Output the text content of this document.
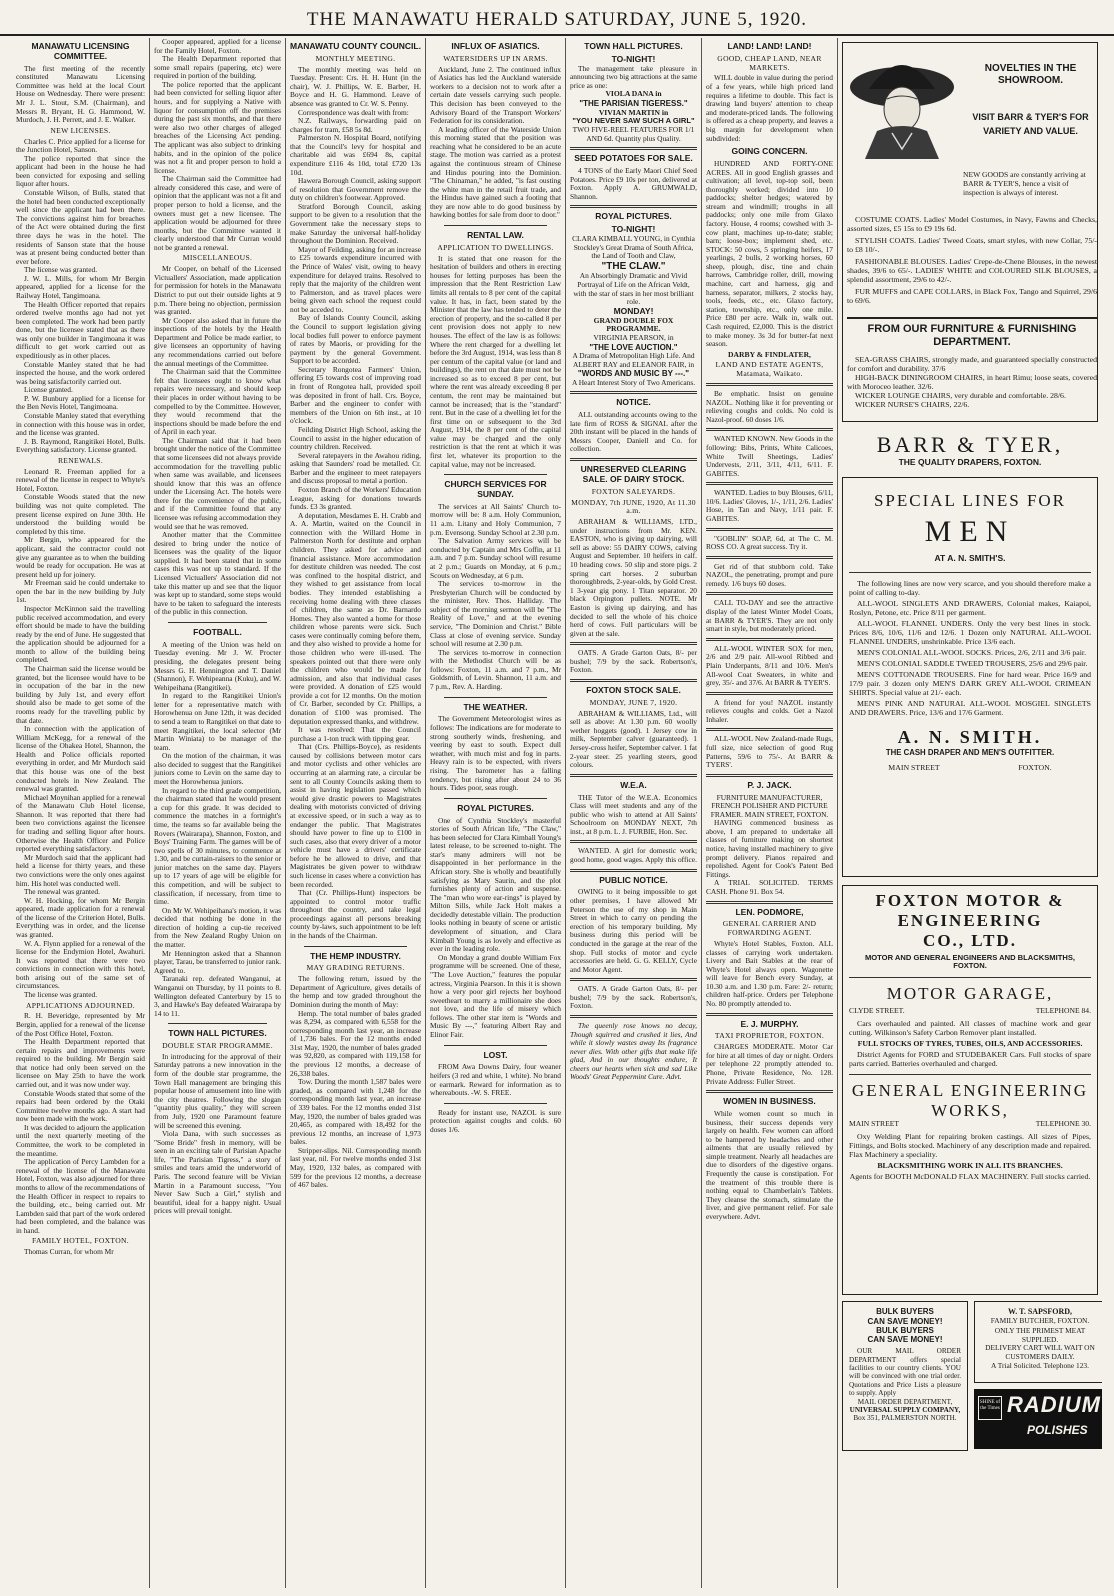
THE MANAWATU HERALD SATURDAY, JUNE 5, 1920.
MANAWATU LICENSING COMMITTEE.

The first meeting of the recently constituted Manawatu Licensing Committee was held at the local Court House on Wednesday. There were present: Mr J. L. Stout, S.M. (Chairman), and Messrs R. Bryant, H. G. Hammond, W. Murdoch, J. H. Perrett, and J. E. Walker.

NEW LICENSES.

Charles C. Price applied for a license for the Junction Hotel, Sanson.

The police reported that since the applicant had been in the house he had been convicted for exposing and selling liquor after hours.

Constable Wilson, of Bulls, stated that the hotel had been conducted exceptionally well since the applicant had been there. The convictions against him for breaches of the Act were obtained during the first three days he was in the hotel. The residents of Sanson state that the house was at present being conducted better than ever before.

The license was granted.

J. W. L. Mills, for whom Mr Bergin appeared, applied for a license for the Railway Hotel, Tangimoana.

The Health Officer reported that repairs ordered twelve months ago had not yet been completed. The work had been partly done, but the licensee stated that as there was only one builder in Tangimoana it was difficult to get work carried out as expeditiously as in other places.

Constable Manley stated that he had inspected the house, and the work ordered was being satisfactorily carried out.

License granted.

P. W. Bunbury applied for a license for the Ben Nevis Hotel, Tangimoana.

Constable Manley stated that everything in connection with this house was in order, and the license was granted.

J. B. Raymond, Rangitikei Hotel, Bulls. Everything satisfactory. License granted.

RENEWALS.

Leonard R. Freeman applied for a renewal of the license in respect to Whyte's Hotel, Foxton.

Constable Woods stated that the new building was not quite completed. The present license expired on June 30th. He understood the building would be completed by this time.

Mr Bergin, who appeared for the applicant, said the contractor could not give any guarantee as to when the building would be ready for occupation. He was at present held up for joinery.

Mr Freeman said he could undertake to open the bar in the new building by July 1st.

Inspector McKinnon said the travelling public received accommodation, and every effort should be made to have the building ready by the end of June. He suggested that the application should be adjourned for a month to allow of the building being completed.

The Chairman said the license would be granted, but the licensee would have to be in occupation of the bar in the new building by July 1st, and every effort should also be made to get some of the rooms ready for the travelling public by that date.

In connection with the application of William McKegg, for a renewal of the license of the Ohakea Hotel, Shannon, the Health and Police officials reported everything in order, and Mr Murdoch said that this house was one of the best conducted hotels in New Zealand. The renewal was granted.

Michael Moynihan applied for a renewal of the Manawatu Club Hotel license, Shannon. It was reported that there had been two convictions against the licensee for trading and selling liquor after hours. Otherwise the Health Officer and Police reported everything satisfactory.

Mr Murdoch said that the applicant had held a license for thirty years, and these two convictions were the only ones against him. His hotel was conducted well.

The renewal was granted.

W. H. Hocking, for whom Mr Bergin appeared, made application for a renewal of the license of the Criterion Hotel, Bulls. Everything was in order, and the license was granted.

W. A. Flynn applied for a renewal of the license for the Endymion Hotel, Awahuri. It was reported that there were two convictions in connection with this hotel, both arising out of the same set of circumstances.

The license was granted.

APPLICATIONS ADJOURNED.

R. H. Beveridge, represented by Mr Bergin, applied for a renewal of the license of the Post Office Hotel, Foxton.

The Health Department reported that certain repairs and improvements were required to the building. Mr Bergin said that notice had only been served on the licensee on May 25th to have the work carried out, and it was now under way.

Constable Woods stated that some of the repairs had been ordered by the Otaki Committee twelve months ago. A start had now been made with the work.

It was decided to adjourn the application until the next quarterly meeting of the Committee, the work to be completed in the meantime.

The application of Percy Lambden for a renewal of the license of the Manawatu Hotel, Foxton, was also adjourned for three months to allow of the recommendations of the Health Officer in respect to repairs to the building, etc., being carried out. Mr Lambden said that part of the work ordered had been completed, and the balance was in hand.

FAMILY HOTEL, FOXTON.

Thomas Curran, for whom Mr

Cooper appeared, applied for a license for the Family Hotel, Foxton.

The Health Department reported that some small repairs (papering, etc) were required in portion of the building.

The police reported that the applicant had been convicted for selling liquor after hours, and for supplying a Native with liquor for consumption off the premises during the past six months, and that there were also two other charges of alleged breaches of the Licensing Act pending. The applicant was also subject to drinking habits, and in the opinion of the police was not a fit and proper person to hold a license.

The Chairman said the Committee had already considered this case, and were of opinion that the applicant was not a fit and proper person to hold a license, and the owners must get a new licensee. The application would be adjourned for three months, but the Committee wanted it clearly understood that Mr Curran would not be granted a renewal.

MISCELLANEOUS.

Mr Cooper, on behalf of the Licensed Victuallers' Association, made application for permission for hotels in the Manawatu District to put out their outside lights at 9 p.m. There being no objection, permission was granted.

Mr Cooper also asked that in future the inspections of the hotels by the Health Department and Police be made earlier, to give licensees an opportunity of having any recommendations carried out before the annual meetings of the Committee.

The Chairman said that the Committee felt that licensees ought to know what repairs were necessary, and should keep their places in order without having to be compelled to by the Committee. However, they would recommend that the inspections should be made before the end of April in each year.

The Chairman said that it had been brought under the notice of the Committee that some licensees did not always provide accommodation for the travelling public when same was available, and licensees should know that this was an offence under the Licensing Act. The hotels were there for the convenience of the public, and if the Committee found that any licensee was refusing accommodation they would see that he was removed.

Another matter that the Committee desired to bring under the notice of licensees was the quality of the liquor supplied. It had been stated that in some cases this was not up to standard. If the Licensed Victuallers' Association did not take this matter up and see that the liquor was kept up to standard, some steps would have to be taken to safeguard the interests of the public in this connection.

FOOTBALL.

A meeting of the Union was held on Tuesday evening. Mr J. W. Procter presiding, the delegates present being Messrs G. H. Hennington and T. Daniel (Shannon), F. Wehipeanna (Kuku), and W. Wehipeihana (Rangitikei).

In regard to the Rangitikei Union's letter for a representative match with Horowhenua on June 12th, it was decided to send a team to Rangitikei on that date to meet Rangitikei, the local selector (Mr Martin Winiata) to be manager of the team.

On the motion of the chairman, it was also decided to suggest that the Rangitikei juniors come to Levin on the same day to meet the Horowhenua juniors.

In regard to the third grade competition, the chairman stated that he would present a cup for this grade. It was decided to commence the matches in a fortnight's time, the teams so far available being the Rovers (Wairarapa), Shannon, Foxton, and Boys' Training Farm. The games will be of two spells of 30 minutes, to commence at 1.30, and be curtain-raisers to the senior or junior matches on the same day. Players up to 17 years of age will be eligible for this competition, and will be subject to classification, if necessary, from time to time.

On Mr W. Wehipeihana's motion, it was decided that nothing be done in the direction of holding a cup-tie received from the New Zealand Rugby Union on the matter.

Mr Hennington asked that a Shannon player, Tarau, be transferred to junior rank. Agreed to.

Taranaki rep. defeated Wanganui, at Wanganui on Thursday, by 11 points to 8. Wellington defeated Canterbury by 15 to 3, and Hawke's Bay defeated Wairarapa by 14 to 11.

TOWN HALL PICTURES.
DOUBLE STAR PROGRAMME.

In introducing for the approval of their Saturday patrons a new innovation in the form of the double star programme, the Town Hall management are bringing this popular house of amusement into line with the city theatres. Following the slogan "quantity plus quality," they will screen from July, 1920 one Paramount feature will be screened this evening.

Viola Dana, with such successes as "Some Bride" fresh in memory, will be seen in an exciting tale of Parisian Apache life, "The Parisian Tigress," a story of smiles and tears amid the underworld of Paris. The second feature will be Vivian Martin in a Paramount success, "You Never Saw Such a Girl," stylish and beautiful, ideal for a happy night. Usual prices will prevail tonight.

MANAWATU COUNTY COUNCIL.
MONTHLY MEETING.

The monthly meeting was held on Tuesday. Present: Crs. H. H. Hunt (in the chair), W. J. Phillips, W. E. Barber, H. Boyce and H. G. Hammond. Leave of absence was granted to Cr. W. S. Penny.

Correspondence was dealt with from:

N.Z. Railways, forwarding paid on charges for tram, £58 5s 8d.

Palmerston N. Hospital Board, notifying that the Council's levy for hospital and charitable aid was £694 8s, capital expenditure £116 4s 10d, total £720 13s 10d.

Hawera Borough Council, asking support of resolution that Government remove the duty on children's footwear. Approved.

Stratford Borough Council, asking support to be given to a resolution that the Government take the necessary steps to make Saturday the universal half-holiday throughout the Dominion. Received.

Mayor of Feilding, asking for an increase to £25 towards expenditure incurred with the Prince of Wales' visit, owing to heavy expenditure for delayed trains. Resolved to reply that the majority of the children went to Palmerston, and as travel places were being given each school the request could not be acceded to.

Bay of Islands County Council, asking the Council to support legislation giving local bodies full power to enforce payment of rates by Maoris, or providing for the payment by the general Government. Support to be accorded.

Secretary Rongotea Farmers' Union, offering £5 towards cost of improving road in front of Rongotea hall, provided spoil was deposited in front of hall. Crs. Boyce, Barber and the engineer to confer with members of the Union on 6th inst., at 10 o'clock.

Feilding District High School, asking the Council to assist in the higher education of country children. Received.

Several ratepayers in the Awahou riding, asking that Saunders' road be metalled. Cr. Barber and the engineer to meet ratepayers and discuss proposal to metal a portion.

Foxton Branch of the Workers' Education League, asking for donations towards funds. £3 3s granted.

A deputation, Mesdames E. H. Crabb and A. A. Martin, waited on the Council in connection with the Willard Home in Palmerston North for destitute and orphan children. They asked for advice and financial assistance. More accommodation for destitute children was needed. The cost was confined to the hospital district, and they wished to get assistance from local bodies. They intended establishing a receiving home dealing with three classes of children, the same as Dr. Barnardo Homes. They also wanted a home for those children whose parents were sick. Such cases were continually coming before them, and they also wished to provide a home for those children who were ill-used. The speakers pointed out that there were only the children who would be made for admission, and also that individual cases were provided. A donation of £25 would provide a cot for 12 months. On the motion of Cr. Barber, seconded by Cr. Phillips, a donation of £100 was promised. The deputation expressed thanks, and withdrew.

It was resolved: That the Council purchase a 1-ton truck with tipping gear.

That (Crs. Phillips-Boyce), as residents caused by collisions between motor cars and motor cyclists and other vehicles are occurring at an alarming rate, a circular be sent to all County Councils asking them to assist in having legislation passed which would give drastic powers to Magistrates dealing with motorists convicted of driving at excessive speed, or in such a way as to endanger the public. That Magistrates should have power to fine up to £100 in such cases, also that every driver of a motor vehicle must have a drivers' certificate before he be allowed to drive, and that Magistrates be given power to withdraw such license in cases where a conviction has been recorded.

That (Cr. Phillips-Hunt) inspectors be appointed to control motor traffic throughout the country, and take legal proceedings against all persons breaking county by-laws, such appointment to be left in the hands of the Chairman.

THE HEMP INDUSTRY.
MAY GRADING RETURNS.

The following return, issued by the Department of Agriculture, gives details of the hemp and tow graded throughout the Dominion during the month of May:

Hemp. The total number of bales graded was 8,294, as compared with 6,558 for the corresponding month last year, an increase of 1,736 bales. For the 12 months ended 31st May, 1920, the number of bales graded was 92,820, as compared with 119,158 for the previous 12 months, a decrease of 26,338 bales.

Tow. During the month 1,587 bales were graded, as compared with 1,248 for the corresponding month last year, an increase of 339 bales. For the 12 months ended 31st May, 1920, the number of bales graded was 20,465, as compared with 18,492 for the previous 12 months, an increase of 1,973 bales.

Stripper-slips. Nil. Corresponding month last year, nil. For twelve months ended 31st May, 1920, 132 bales, as compared with 599 for the previous 12 months, a decrease of 467 bales.

INFLUX OF ASIATICS.
WATERSIDERS UP IN ARMS.

Auckland, June 2. The continued influx of Asiatics has led the Auckland waterside workers to a decision not to work after a certain date vessels carrying such people. This decision has been conveyed to the Advisory Board of the Transport Workers' Federation for its consideration.

A leading officer of the Waterside Union this morning stated that the position was reaching what he considered to be an acute stage. The motion was carried as a protest against the continuous stream of Chinese and Hindus pouring into the Dominion. "The Chinaman," he added, "is fast ousting the white man in the retail fruit trade, and the Hindus have gained such a footing that they are now able to do good business by hawking bottles for sale from door to door."

RENTAL LAW.
APPLICATION TO DWELLINGS.

It is stated that one reason for the hesitation of builders and others in erecting houses for letting purposes has been the impression that the Rent Restriction Law limits all rentals to 8 per cent of the capital value. It has, in fact, been stated by the Minister that the law has tended to deter the erection of property, and the so-called 8 per cent provision does not apply to new houses. The effect of the law is as follows: Where the rent charged for a dwelling let before the 3rd August, 1914, was less than 8 per centum of the capital value (or land and buildings), the rent on that date must not be increased so as to exceed 8 per cent, but where the rent was already exceeding 8 per centum, the rent may be maintained but cannot be increased; that is the "standard" rent. But in the case of a dwelling let for the first time on or subsequent to the 3rd August, 1914, the 8 per cent of the capital value may be charged and the only restriction is that the rent at which it was first let, whatever its proportion to the capital value, may not be increased.

CHURCH SERVICES FOR SUNDAY.

The services at All Saints' Church to-morrow will be: 8 a.m. Holy Communion, 11 a.m. Litany and Holy Communion, 7 p.m. Evensong. Sunday School at 2.30 p.m.

The Salvation Army services will be conducted by Captain and Mrs Coffin, at 11 a.m. and 7 p.m. Sunday school will resume at 2 p.m.; Guards on Monday, at 6 p.m.; Scouts on Wednesday, at 6 p.m.

The services to-morrow in the Presbyterian Church will be conducted by the minister, Rev. Thos. Halliday. The subject of the morning sermon will be "The Reality of Love," and at the evening service, "The Dominion and Christ." Bible Class at close of evening service. Sunday school will resume at 2.30 p.m.

The services to-morrow in connection with the Methodist Church will be as follows: Foxton, 11 a.m. and 7 p.m., Mr Goldsmith, of Levin. Shannon, 11 a.m. and 7 p.m., Rev. A. Harding.

THE WEATHER.

The Government Meteorologist wires as follows: The indications are for moderate to strong southerly winds, freshening, and veering by east to south. Expect dull weather, with much mist and fog in parts. Heavy rain is to be expected, with rivers rising. The barometer has a falling tendency, but rising after about 24 to 36 hours. Tides poor, seas rough.

ROYAL PICTURES.

One of Cynthia Stockley's masterful stories of South African life, "The Claw," has been selected for Clara Kimball Young's latest release, to be screened to-night. The star's many admirers will not be disappointed in her performance in the African story. She is wholly and beautifully satisfying as Mary Saurin, and the plot furnishes plenty of action and suspense. The "man who wore ear-rings" is played by Milton Sills, while Jack Holt makes a decidedly detestable villain. The production looks nothing in beauty of scene or artistic development of situation, and Clara Kimball Young is as lovely and effective as ever in the leading role.

On Monday a grand double William Fox programme will be screened. One of these, "The Love Auction," features the popular actress, Virginia Pearson. In this it is shown how a very poor girl rejects her boyhood sweetheart to marry a millionaire she does not love, and the life of misery which follows. The other star item is "Words and Music By ---," featuring Albert Ray and Elinor Fair.

LOST.

FROM Awa Downs Dairy, four weaner heifers (3 red and white, 1 white). No brand or earmark. Reward for information as to whereabouts. -W. S. FREE.

Ready for instant use, NAZOL is sure protection against coughs and colds. 60 doses 1/6.

TOWN HALL PICTURES.
TO-NIGHT!

The management take pleasure in announcing two big attractions at the same price as one:

VIOLA DANA in
"THE PARISIAN TIGERESS."
VIVIAN MARTIN in
"YOU NEVER SAW SUCH A GIRL"

TWO FIVE-REEL FEATURES FOR 1/1 AND 6d. Quantity plus Quality.

SEED POTATOES FOR SALE.

4 TONS of the Early Maori Chief Seed Potatoes. Price £9 10s per ton, delivered at Foxton. Apply A. GRUMWALD, Shannon.

ROYAL PICTURES.
TO-NIGHT!

CLARA KIMBALL YOUNG, in Cynthia Stockley's Great Drama of South Africa, the Land of Tooth and Claw,

"THE CLAW."

An Absorbingly Dramatic and Vivid Portrayal of Life on the African Veldt, with the star of stars in her most brilliant role.

MONDAY!
GRAND DOUBLE FOX PROGRAMME.
VIRGINIA PEARSON, in
"THE LOVE AUCTION."

A Drama of Metropolitan High Life. And ALBERT RAY and ELEANOR FAIR, in

"WORDS AND MUSIC BY ---."

A Heart Interest Story of Two Americans.

NOTICE.

ALL outstanding accounts owing to the late firm of ROSS & SIGNAL after the 20th instant will be placed in the hands of Messrs Cooper, Daniell and Co. for collection.

UNRESERVED CLEARING SALE. OF DAIRY STOCK.
FOXTON SALEYARDS.
MONDAY, 7th JUNE, 1920, At 11.30 a.m.

ABRAHAM & WILLIAMS, LTD., under instructions from Mr. KEN. EASTON, who is giving up dairying, will sell as above: 55 DAIRY COWS, calving August and September. 10 heifers in calf. 10 heading cows. 50 slip and store pigs. 2 spring cart horses. 2 suburban thoroughbreds, 2-year-olds, by Gold Crest. 1 3-year gig pony. 1 Titan separator. 20 black Orpington pullets. NOTE. Mr Easton is giving up dairying, and has decided to sell the whole of his choice herd of cows. Full particulars will be given at the sale.

OATS. A Grade Garton Oats, 8/- per bushel; 7/9 by the sack. Robertson's, Foxton.

FOXTON STOCK SALE.
MONDAY, JUNE 7, 1920.

ABRAHAM & WILLIAMS, Ltd., will sell as above: At 1.30 p.m. 60 woolly wether hoggets (good). 1 Jersey cow in milk, September calver (guaranteed). 1 Jersey-cross heifer, September calver. 1 fat 2-year steer. 25 yearling steers, good colours.

W.E.A.

THE Tutor of the W.E.A. Economics Class will meet students and any of the public who wish to attend at All Saints' Schoolroom on MONDAY NEXT, 7th inst., at 8 p.m. L. J. FURBIE, Hon. Sec.

WANTED. A girl for domestic work; good home, good wages. Apply this office.

PUBLIC NOTICE.

OWING to it being impossible to get other premises, I have allowed Mr Peterson the use of my shop in Main Street in which to carry on pending the erection of his temporary building. My business during this period will be conducted in the garage at the rear of the shop. Full stocks of motor and cycle accessories are held. G. G. KELLY, Cycle and Motor Agent.

OATS. A Grade Garton Oats, 8/- per bushel; 7/9 by the sack. Robertson's, Foxton.

The queenly rose knows no decay, Though squirred and crushed it lies, And while it slowly wastes away Its fragrance never dies. With other gifts that make life glad, And in our thoughts endure, It cheers our hearts when sick and sad Like Woods' Great Peppermint Cure. Advt.

LAND! LAND! LAND!
GOOD, CHEAP LAND, NEAR MARKETS.

WILL double in value during the period of a few years, while high priced land requires a lifetime to double. This fact is drawing land buyers' attention to cheap and moderate-priced lands. The following is offered as a cheap property, and leaves a big margin for development when subdivided:

GOING CONCERN.

HUNDRED AND FORTY-ONE ACRES. All in good English grasses and cultivation; all level, top-top soil, been thoroughly worked; divided into 10 paddocks; shelter hedges; watered by stream and windmill; troughs in all paddocks; only one mile from Glaxo factory. House, 4 rooms; cowshed with 3-cow plant, machines up-to-date; stable; barn; loose-box; implement shed, etc. STOCK: 50 cows, 5 springing heifers, 17 yearlings, 2 bulls, 2 working horses, 60 sheep, plough, disc, tine and chain harrows, Cambridge roller, drill, mowing machine, cart and harness, gig and harness, separator, milkers, 2 stocks hay, tools, feeds, etc., etc. Glaxo factory, station, township, etc., only one mile. Price £80 per acre. Walk in, walk out. Cash required, £2,000. This is the district to make money. 3s 3d for butter-fat next season.

DARBY & FINDLATER,
LAND AND ESTATE AGENTS, Matamata, Waikato.

Be emphatic. Insist on genuine NAZOL. Nothing like it for preventing or relieving coughs and colds. No cold is Nazol-proof. 60 doses 1/6.

WANTED KNOWN. New Goods in the following: Bibs, Prints, White Calicoes, White Twill Sheetings, Ladies' Undervests, 2/11, 3/11, 4/11, 6/11. F. GABITES.

WANTED. Ladies to buy Blouses, 6/11, 10/6. Ladies' Gloves, 1/-, 1/11, 2/6. Ladies' Hose, in Tan and Navy, 1/11 pair. F. GABITES.

"GOBLIN" SOAP, 6d, at The C. M. ROSS CO. A great success. Try it.

Get rid of that stubborn cold. Take NAZOL, the penetrating, prompt and pure remedy. 1/6 buys 60 doses.

CALL TO-DAY and see the attractive display of the latest Winter Model Coats, at BARR & TYER'S. They are not only smart in style, but moderately priced.

ALL-WOOL WINTER SOX for men, 2/6 and 2/9 pair. All-wool Ribbed and Plain Underpants, 8/11 and 10/6. Men's All-wool Coat Sweaters, in white and grey, 35/- and 37/6. At BARR & TYER'S.

A friend for you! NAZOL instantly relieves coughs and colds. Get a Nazol Inhaler.

ALL-WOOL New Zealand-made Rugs, full size, nice selection of good Rug Patterns, 59/6 to 75/-. At BARR & TYERS'.

P. J. JACK.

FURNITURE MANUFACTURER, FRENCH POLISHER AND PICTURE FRAMER. MAIN STREET, FOXTON.

HAVING commenced business as above, I am prepared to undertake all classes of furniture making on shortest notice, having installed machinery to give prompt delivery. Pianos repaired and repolished. Agent for Cook's Patent Bed Fittings.

A TRIAL SOLICITED. TERMS CASH. Phone 91. Box 54.

LEN. PODMORE,
GENERAL CARRIER AND FORWARDING AGENT.

Whyte's Hotel Stables, Foxton. ALL classes of carrying work undertaken. Livery and Bait Stables at the rear of Whyte's Hotel always open. Wagonette will leave for Bench every Sunday, at 10.30 a.m. and 1.30 p.m. Fare: 2/- return; children half-price. Orders per Telephone No. 80 promptly attended to.

E. J. MURPHY.
TAXI PROPRIETOR, FOXTON.

CHARGES MODERATE. Motor Car for hire at all times of day or night. Orders per telephone 22 promptly attended to. Phone, Private Residence, No. 128. Private Address: Fuller Street.

WOMEN IN BUSINESS.

While women count so much in business, their success depends very largely on health. Few women can afford to be hampered by headaches and other ailments that are usually relieved by simple treatment. Nearly all headaches are due to disorders of the digestive organs. Frequently the cause is constipation. For the treatment of this trouble there is nothing equal to Chamberlain's Tablets. They cleanse the stomach, stimulate the liver, and give permanent relief. For sale everywhere. Advt.

NOVELTIES IN THE SHOWROOM.
VISIT BARR & TYER'S FOR VARIETY AND VALUE.
NEW GOODS are constantly arriving at BARR & TYER'S, hence a visit of inspection is always of interest.

COSTUME COATS. Ladies' Model Costumes, in Navy, Fawns and Checks, assorted sizes, £5 15s to £9 19s 6d.

STYLISH COATS. Ladies' Tweed Coats, smart styles, with new Collar, 75/- to £8 10/-.

FASHIONABLE BLOUSES. Ladies' Crepe-de-Chene Blouses, in the newest shades, 39/6 to 65/-. LADIES' WHITE and COLOURED SILK BLOUSES, a splendid assortment, 29/6 to 42/-.

FUR MUFFS and CAPE COLLARS, in Black Fox, Tango and Squirrel, 29/6 to 69/6.

FROM OUR FURNITURE & FURNISHING DEPARTMENT.

SEA-GRASS CHAIRS, strongly made, and guaranteed specially constructed for comfort and durability. 37/6

HIGH-BACK DININGROOM CHAIRS, in heart Rimu; loose seats, covered with Moroceo leather. 32/6.

WICKER LOUNGE CHAIRS, very durable and comfortable. 28/6.

WICKER NURSE'S CHAIRS, 22/6.

BARR & TYER,
THE QUALITY DRAPERS, FOXTON.
SPECIAL LINES FOR
MEN
AT A. N. SMITH'S.

The following lines are now very scarce, and you should therefore make a point of calling to-day.

ALL-WOOL SINGLETS AND DRAWERS, Colonial makes, Kaiapoi, Roslyn, Petone, etc. Price 8/11 per garment.

ALL-WOOL FLANNEL UNDERS. Only the very best lines in stock. Prices 8/6, 10/6, 11/6 and 12/6. 1 Dozen only NATURAL ALL-WOOL FLANNEL UNDERS, unshrinkable. Price 13/6 each.

MEN'S COLONIAL ALL-WOOL SOCKS. Prices, 2/6, 2/11 and 3/6 pair.

MEN'S COLONIAL SADDLE TWEED TROUSERS, 25/6 and 29/6 pair.

MEN'S COTTONADE TROUSERS. Fine for hard wear. Price 16/9 and 17/9 pair. 3 dozen only MEN'S DARK GREY ALL-WOOL CRIMEAN SHIRTS. Special value at 21/- each.

MEN'S PINK AND NATURAL ALL-WOOL MOSGIEL SINGLETS AND DRAWERS. Price, 13/6 and 17/6 Garment.

A. N. SMITH.
THE CASH DRAPER AND MEN'S OUTFITTER.
MAIN STREET	FOXTON.
FOXTON MOTOR &
ENGINEERING
CO., LTD.
MOTOR AND GENERAL ENGINEERS AND BLACKSMITHS, FOXTON.
MOTOR GARAGE,
CLYDE STREET.	TELEPHONE 84.

Cars overhauled and painted. All classes of machine work and gear cutting. Wilkinson's Safety Carbon Remover plant installed.

FULL STOCKS OF TYRES, TUBES, OILS, AND ACCESSORIES.

District Agents for FORD and STUDEBAKER Cars. Full stocks of spare parts carried. Batteries overhauled and charged.

GENERAL ENGINEERING
WORKS,
MAIN STREET	TELEPHONE 30.

Oxy Welding Plant for repairing broken castings. All sizes of Pipes, Fittings, and Bolts stocked. Machinery of any description made and repaired. Flax Machinery a speciality.

BLACKSMITHING WORK IN ALL ITS BRANCHES.

Agents for BOOTH McDONALD FLAX MACHINERY. Full stocks carried.

BULK BUYERS
CAN SAVE MONEY!
BULK BUYERS
CAN SAVE MONEY!

OUR MAIL ORDER DEPARTMENT offers special facilities to our country clients. YOU will be convinced with one trial order. Quotations and Price Lists a pleasure to supply. Apply

MAIL ORDER DEPARTMENT,
UNIVERSAL SUPPLY COMPANY,
Box 351, PALMERSTON NORTH.
W. T. SAPSFORD,
FAMILY BUTCHER, FOXTON.
ONLY THE PRIMEST MEAT SUPPLIED.
DELIVERY CART WILL WAIT ON CUSTOMERS DAILY.
A Trial Solicited. Telephone 123.
SHINE of the Times RADIUM
POLISHES
